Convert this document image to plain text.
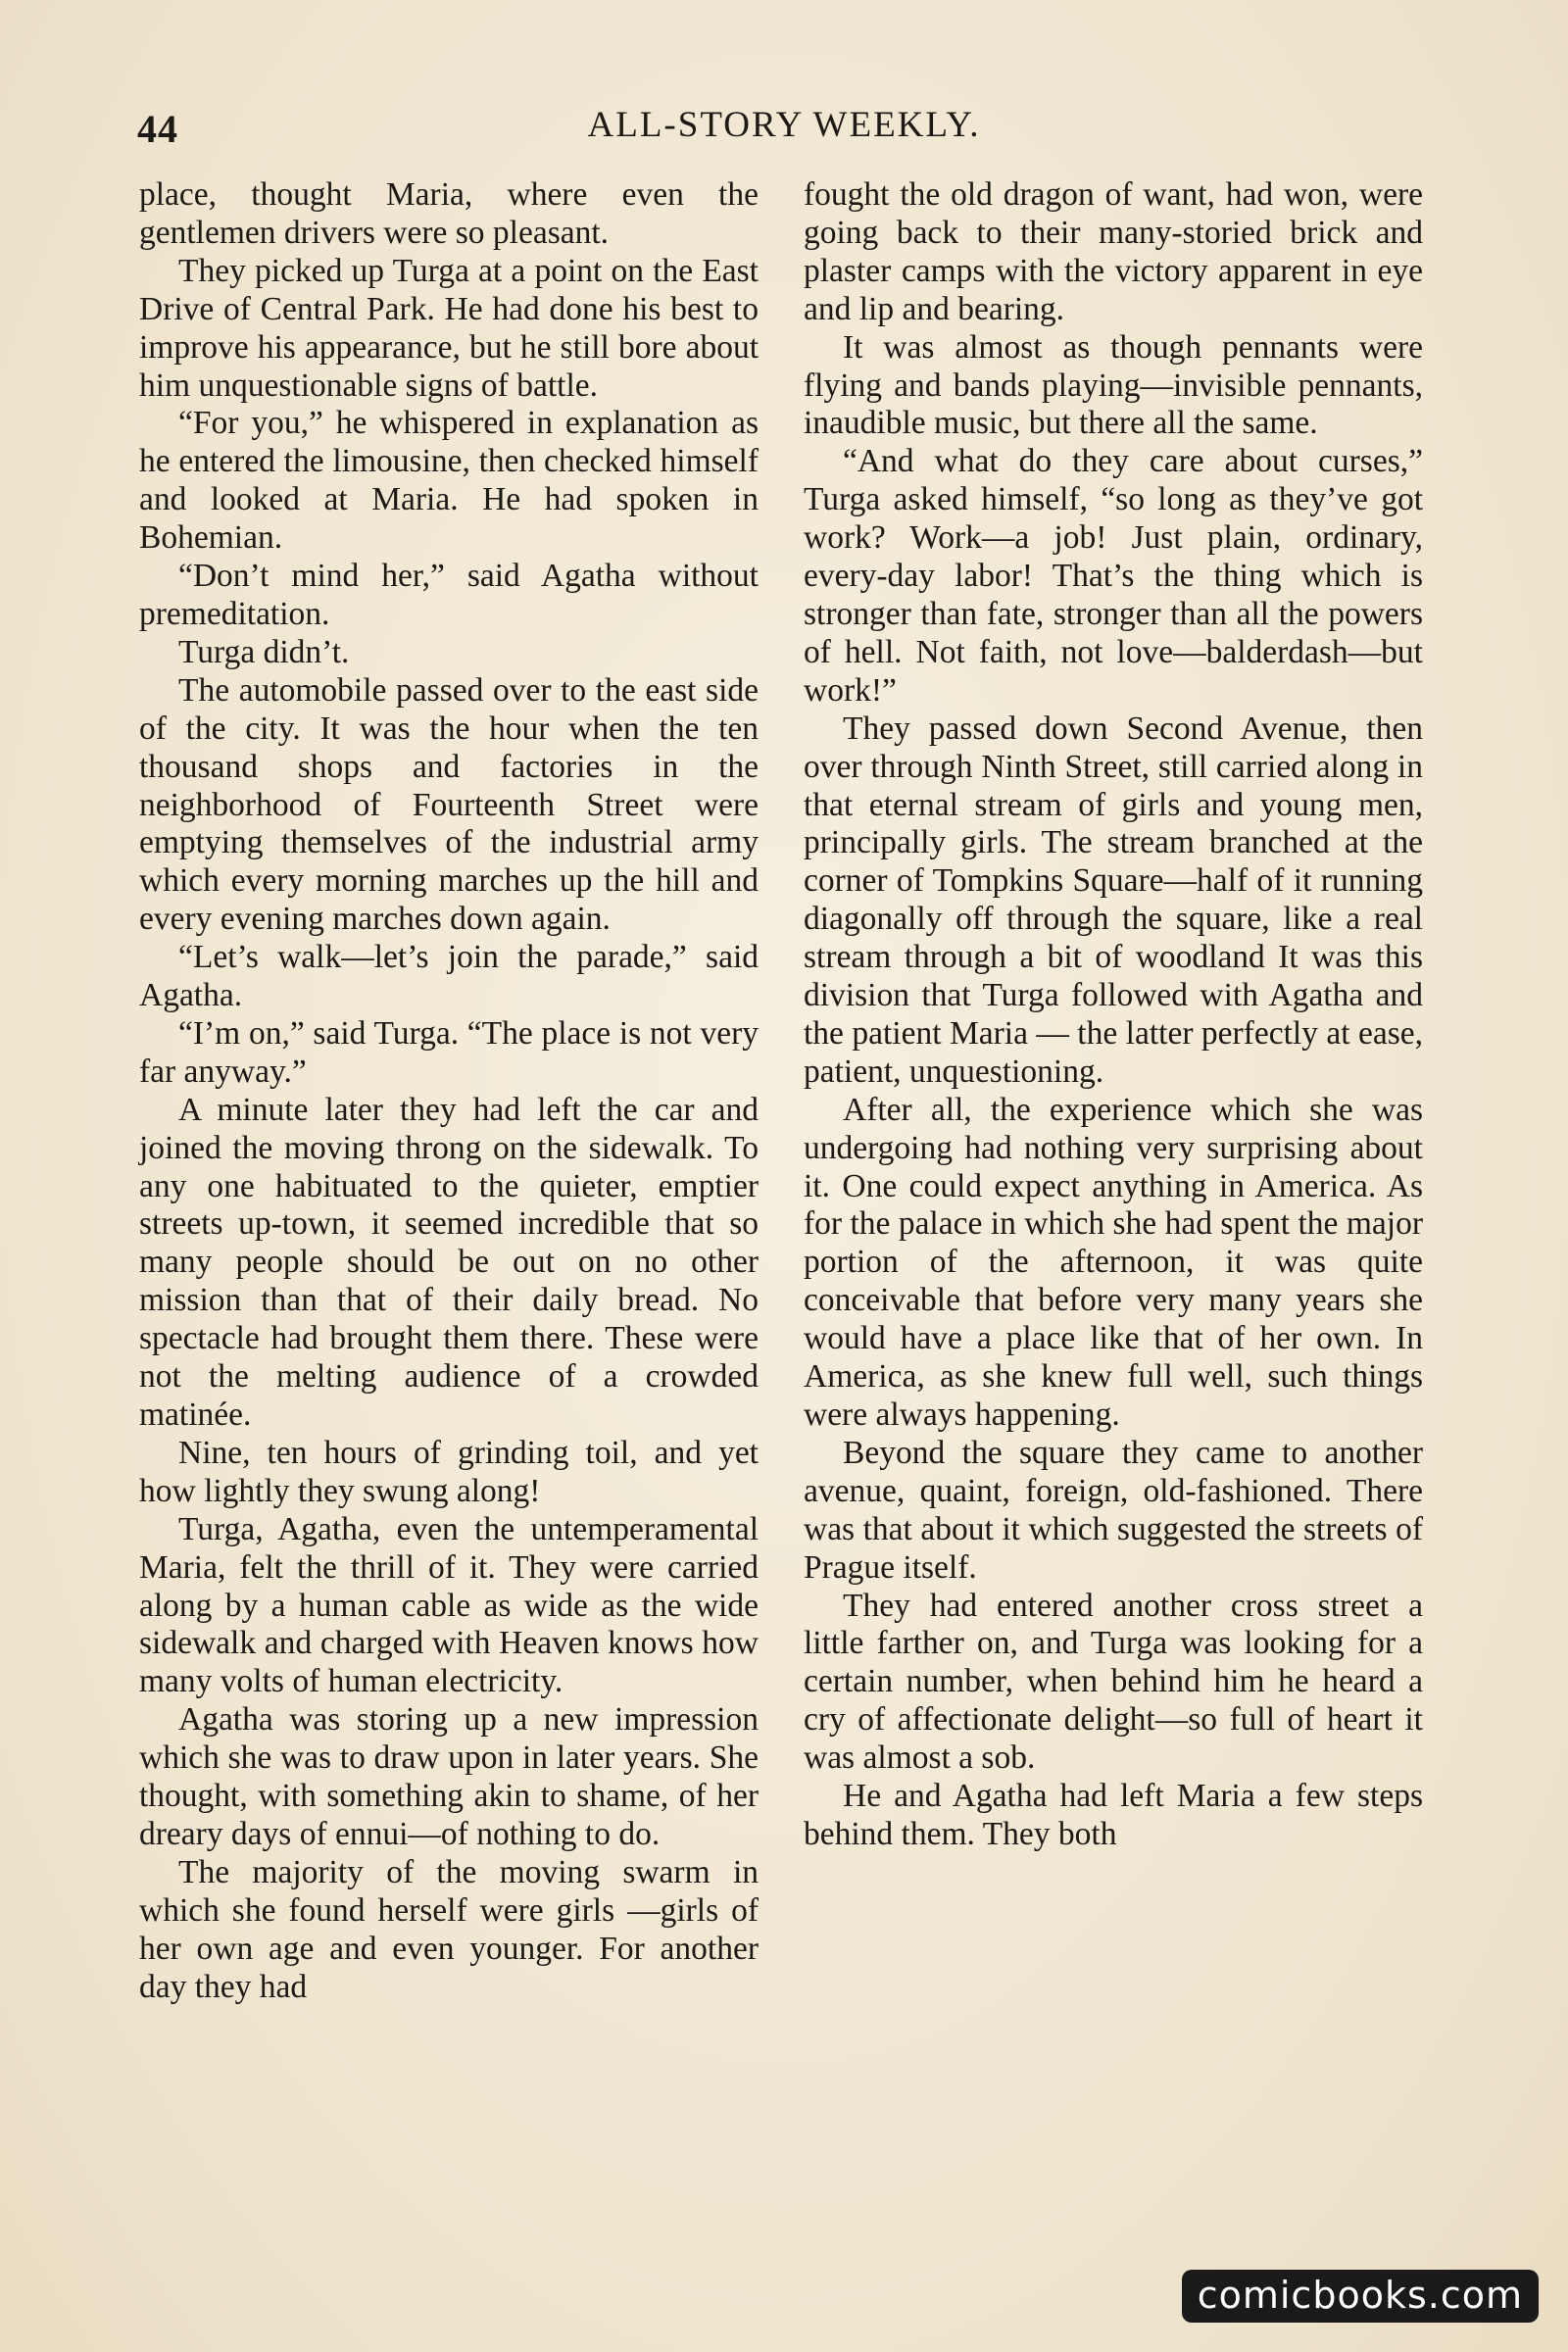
44	ALL-STORY WEEKLY.

place, thought Maria, where even the gentlemen drivers were so pleasant.

They picked up Turga at a point on the East Drive of Central Park. He had done his best to improve his appearance, but he still bore about him unquestionable signs of battle.

“For you,” he whispered in explanation as he entered the limousine, then checked himself and looked at Maria. He had spoken in Bohemian.

“Don’t mind her,” said Agatha without premeditation.

Turga didn’t.

The automobile passed over to the east side of the city. It was the hour when the ten thousand shops and factories in the neighborhood of Fourteenth Street were emptying themselves of the industrial army which every morning marches up the hill and every evening marches down again.

“Let’s walk—let’s join the parade,” said Agatha.

“I’m on,” said Turga. “The place is not very far anyway.”

A minute later they had left the car and joined the moving throng on the sidewalk. To any one habituated to the quieter, emptier streets up-town, it seemed incredible that so many people should be out on no other mission than that of their daily bread. No spectacle had brought them there. These were not the melting audience of a crowded matinée.

Nine, ten hours of grinding toil, and yet how lightly they swung along!

Turga, Agatha, even the untemperamental Maria, felt the thrill of it. They were carried along by a human cable as wide as the wide sidewalk and charged with Heaven knows how many volts of human electricity.

Agatha was storing up a new impression which she was to draw upon in later years. She thought, with something akin to shame, of her dreary days of ennui—of nothing to do.

The majority of the moving swarm in which she found herself were girls —girls of her own age and even younger. For another day they had

fought the old dragon of want, had won, were going back to their many-storied brick and plaster camps with the victory apparent in eye and lip and bearing.

It was almost as though pennants were flying and bands playing—invisible pennants, inaudible music, but there all the same.

“And what do they care about curses,” Turga asked himself, “so long as they’ve got work? Work—a job! Just plain, ordinary, every-day labor! That’s the thing which is stronger than fate, stronger than all the powers of hell. Not faith, not love—balderdash—but work!”

They passed down Second Avenue, then over through Ninth Street, still carried along in that eternal stream of girls and young men, principally girls. The stream branched at the corner of Tompkins Square—half of it running diagonally off through the square, like a real stream through a bit of woodland It was this division that Turga followed with Agatha and the patient Maria — the latter perfectly at ease, patient, unquestioning.

After all, the experience which she was undergoing had nothing very surprising about it. One could expect anything in America. As for the palace in which she had spent the major portion of the afternoon, it was quite conceivable that before very many years she would have a place like that of her own. In America, as she knew full well, such things were always happening.

Beyond the square they came to another avenue, quaint, foreign, old-fashioned. There was that about it which suggested the streets of Prague itself.

They had entered another cross street a little farther on, and Turga was looking for a certain number, when behind him he heard a cry of affectionate delight—so full of heart it was almost a sob.

He and Agatha had left Maria a few steps behind them. They both

comicbooks.com
